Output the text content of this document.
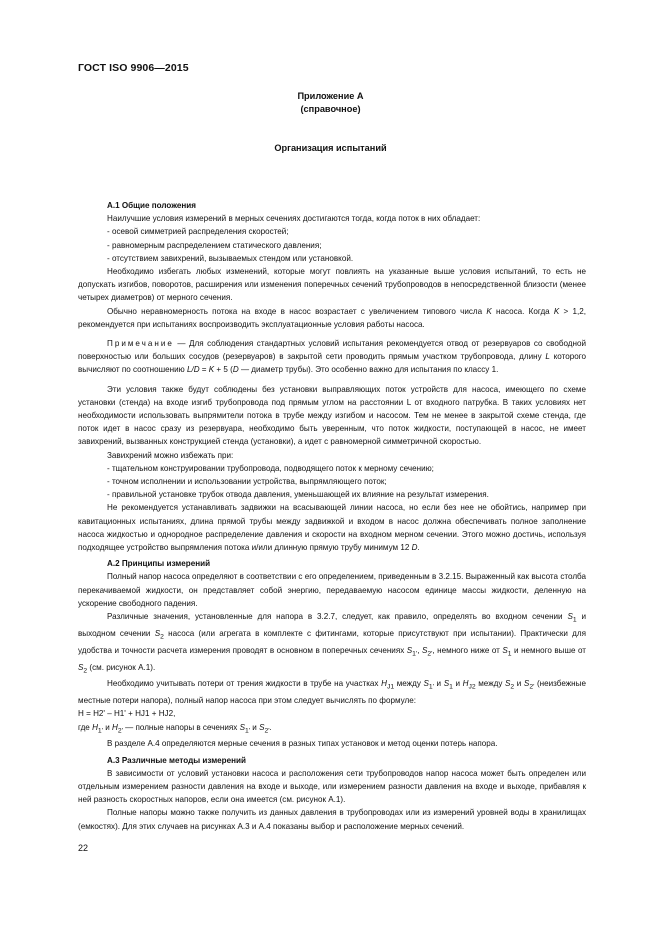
ГОСТ ISO 9906—2015
Приложение А
(справочное)
Организация испытаний

А.1 Общие положения

Наилучшие условия измерений в мерных сечениях достигаются тогда, когда поток в них обладает:

- осевой симметрией распределения скоростей;

- равномерным распределением статического давления;

- отсутствием завихрений, вызываемых стендом или установкой.

Необходимо избегать любых изменений, которые могут повлиять на указанные выше условия испытаний, то есть не допускать изгибов, поворотов, расширения или изменения поперечных сечений трубопроводов в непосредственной близости (менее четырех диаметров) от мерного сечения.

Обычно неравномерность потока на входе в насос возрастает с увеличением типового числа K насоса. Когда K > 1,2, рекомендуется при испытаниях воспроизводить эксплуатационные условия работы насоса.

Примечание — Для соблюдения стандартных условий испытания рекомендуется отвод от резервуаров со свободной поверхностью или больших сосудов (резервуаров) в закрытой сети проводить прямым участком трубопровода, длину L которого вычисляют по соотношению L/D = K + 5 (D — диаметр трубы). Это особенно важно для испытания по классу 1.

Эти условия также будут соблюдены без установки выправляющих поток устройств для насоса, имеющего по схеме установки (стенда) на входе изгиб трубопровода под прямым углом на расстоянии L от входного патрубка. В таких условиях нет необходимости использовать выпрямители потока в трубе между изгибом и насосом. Тем не менее в закрытой схеме стенда, где поток идет в насос сразу из резервуара, необходимо быть уверенным, что поток жидкости, поступающей в насос, не имеет завихрений, вызванных конструкцией стенда (установки), а идет с равномерной симметричной скоростью.

Завихрений можно избежать при:

- тщательном конструировании трубопровода, подводящего поток к мерному сечению;

- точном исполнении и использовании устройства, выпрямляющего поток;

- правильной установке трубок отвода давления, уменьшающей их влияние на результат измерения.

Не рекомендуется устанавливать задвижки на всасывающей линии насоса, но если без нее не обойтись, например при кавитационных испытаниях, длина прямой трубы между задвижкой и входом в насос должна обеспечивать полное заполнение насоса жидкостью и однородное распределение давления и скорости на входном мерном сечении. Этого можно достичь, используя подходящее устройство выпрямления потока и/или длинную прямую трубу минимум 12 D.

А.2 Принципы измерений

Полный напор насоса определяют в соответствии с его определением, приведенным в 3.2.15. Выраженный как высота столба перекачиваемой жидкости, он представляет собой энергию, передаваемую насосом единице массы жидкости, деленную на ускорение свободного падения.

Различные значения, установленные для напора в 3.2.7, следует, как правило, определять во входном сечении $S_1$ и выходном сечении $S_2$ насоса (или агрегата в комплекте с фитингами, которые присутствуют при испытании). Практически для удобства и точности расчета измерения проводят в основном в поперечных сечениях $S_{1'}$, $S_{2'}$, немного ниже от $S_1$ и немного выше от $S_2$ (см. рисунок А.1).

Необходимо учитывать потери от трения жидкости в трубе на участках $H_{J1}$ между $S_{1'}$ и $S_1$ и $H_{J2}$ между $S_2$ и $S_{2'}$ (неизбежные местные потери напора), полный напор насоса при этом следует вычислять по формуле:

H = H2' – H1' + HJ1 + HJ2,

где $H_{1'}$ и $H_{2'}$ — полные напоры в сечениях $S_{1'}$ и $S_{2'}$.

В разделе А.4 определяются мерные сечения в разных типах установок и метод оценки потерь напора.

А.3 Различные методы измерений

В зависимости от условий установки насоса и расположения сети трубопроводов напор насоса может быть определен или отдельным измерением разности давления на входе и выходе, или измерением разности давления на входе и выходе, прибавляя к ней разность скоростных напоров, если она имеется (см. рисунок А.1).

Полные напоры можно также получить из данных давления в трубопроводах или из измерений уровней воды в хранилищах (емкостях). Для этих случаев на рисунках А.3 и А.4 показаны выбор и расположение мерных сечений.

22
